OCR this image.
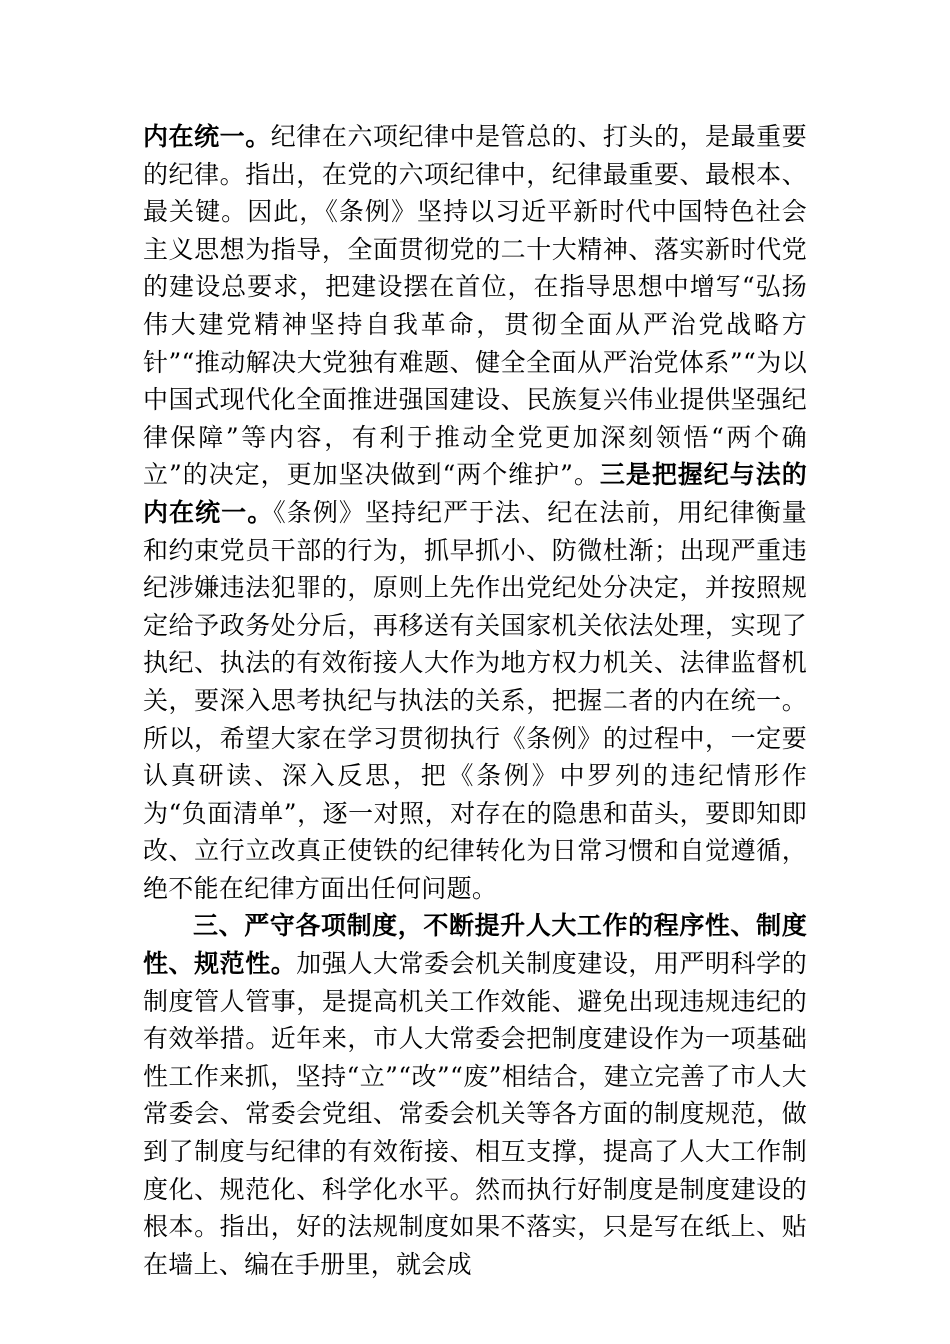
内在统一。纪律在六项纪律中是管总的、打头的，是最重要的纪律。指出，在党的六项纪律中，纪律最重要、最根本、最关键。因此，《条例》坚持以习近平新时代中国特色社会主义思想为指导，全面贯彻党的二十大精神、落实新时代党的建设总要求，把建设摆在首位，在指导思想中增写“弘扬伟大建党精神坚持自我革命，贯彻全面从严治党战略方针”“推动解决大党独有难题、健全全面从严治党体系”“为以中国式现代化全面推进强国建设、民族复兴伟业提供坚强纪律保障”等内容，有利于推动全党更加深刻领悟“两个确立”的决定，更加坚决做到“两个维护”。三是把握纪与法的内在统一。《条例》坚持纪严于法、纪在法前，用纪律衡量和约束党员干部的行为，抓早抓小、防微杜渐；出现严重违纪涉嫌违法犯罪的，原则上先作出党纪处分决定，并按照规定给予政务处分后，再移送有关国家机关依法处理，实现了执纪、执法的有效衔接人大作为地方权力机关、法律监督机关，要深入思考执纪与执法的关系，把握二者的内在统一。所以，希望大家在学习贯彻执行《条例》的过程中，一定要认真研读、深入反思，把《条例》中罗列的违纪情形作为“负面清单”，逐一对照，对存在的隐患和苗头，要即知即改、立行立改真正使铁的纪律转化为日常习惯和自觉遵循，绝不能在纪律方面出任何问题。

三、严守各项制度，不断提升人大工作的程序性、制度性、规范性。加强人大常委会机关制度建设，用严明科学的制度管人管事，是提高机关工作效能、避免出现违规违纪的有效举措。近年来，市人大常委会把制度建设作为一项基础性工作来抓，坚持“立”“改”“废”相结合，建立完善了市人大常委会、常委会党组、常委会机关等各方面的制度规范，做到了制度与纪律的有效衔接、相互支撑，提高了人大工作制度化、规范化、科学化水平。然而执行好制度是制度建设的根本。指出，好的法规制度如果不落实，只是写在纸上、贴在墙上、编在手册里，就会成
